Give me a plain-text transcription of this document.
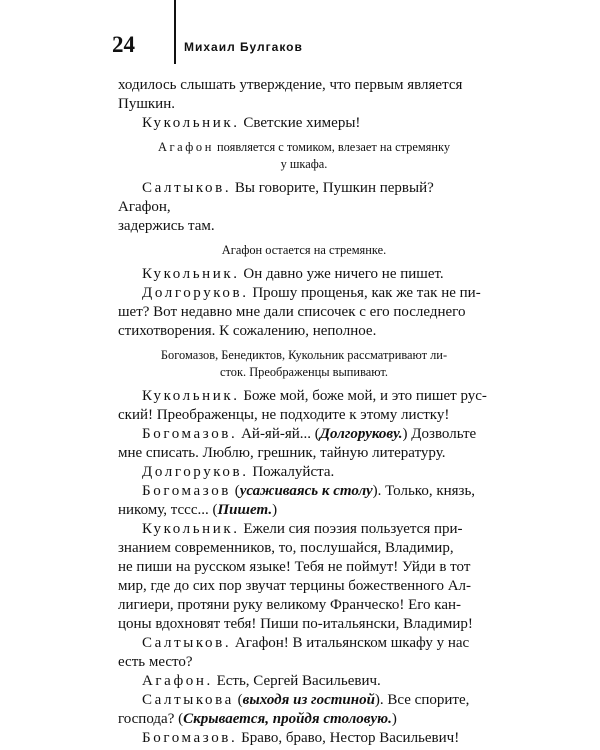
24	Михаил Булгаков

ходилось слышать утверждение, что первым является

Пушкин.

Кукольник. Светские химеры!

Агафон появляется с томиком, влезает на стремянку
у шкафа.

Салтыков. Вы говорите, Пушкин первый? Агафон,

задержись там.

Агафон остается на стремянке.

Кукольник. Он давно уже ничего не пишет.

Долгоруков. Прошу прощенья, как же так не пи-

шет? Вот недавно мне дали списочек с его последнего

стихотворения. К сожалению, неполное.

Богомазов, Бенедиктов, Кукольник рассматривают ли-
сток. Преображенцы выпивают.

Кукольник. Боже мой, боже мой, и это пишет рус-

ский! Преображенцы, не подходите к этому листку!

Богомазов. Ай-яй-яй... (Долгорукову.) Дозвольте

мне списать. Люблю, грешник, тайную литературу.

Долгоруков. Пожалуйста.

Богомазов (усаживаясь к столу). Только, князь,

никому, тссс... (Пишет.)

Кукольник. Ежели сия поэзия пользуется при-

знанием современников, то, послушайся, Владимир,

не пиши на русском языке! Тебя не поймут! Уйди в тот

мир, где до сих пор звучат терцины божественного Ал-

лигиери, протяни руку великому Франческо! Его кан-

цоны вдохновят тебя! Пиши по-итальянски, Владимир!

Салтыков. Агафон! В итальянском шкафу у нас

есть место?

Агафон. Есть, Сергей Васильевич.

Салтыкова (выходя из гостиной). Все спорите,

господа? (Скрывается, пройдя столовую.)

Богомазов. Браво, браво, Нестор Васильевич!
